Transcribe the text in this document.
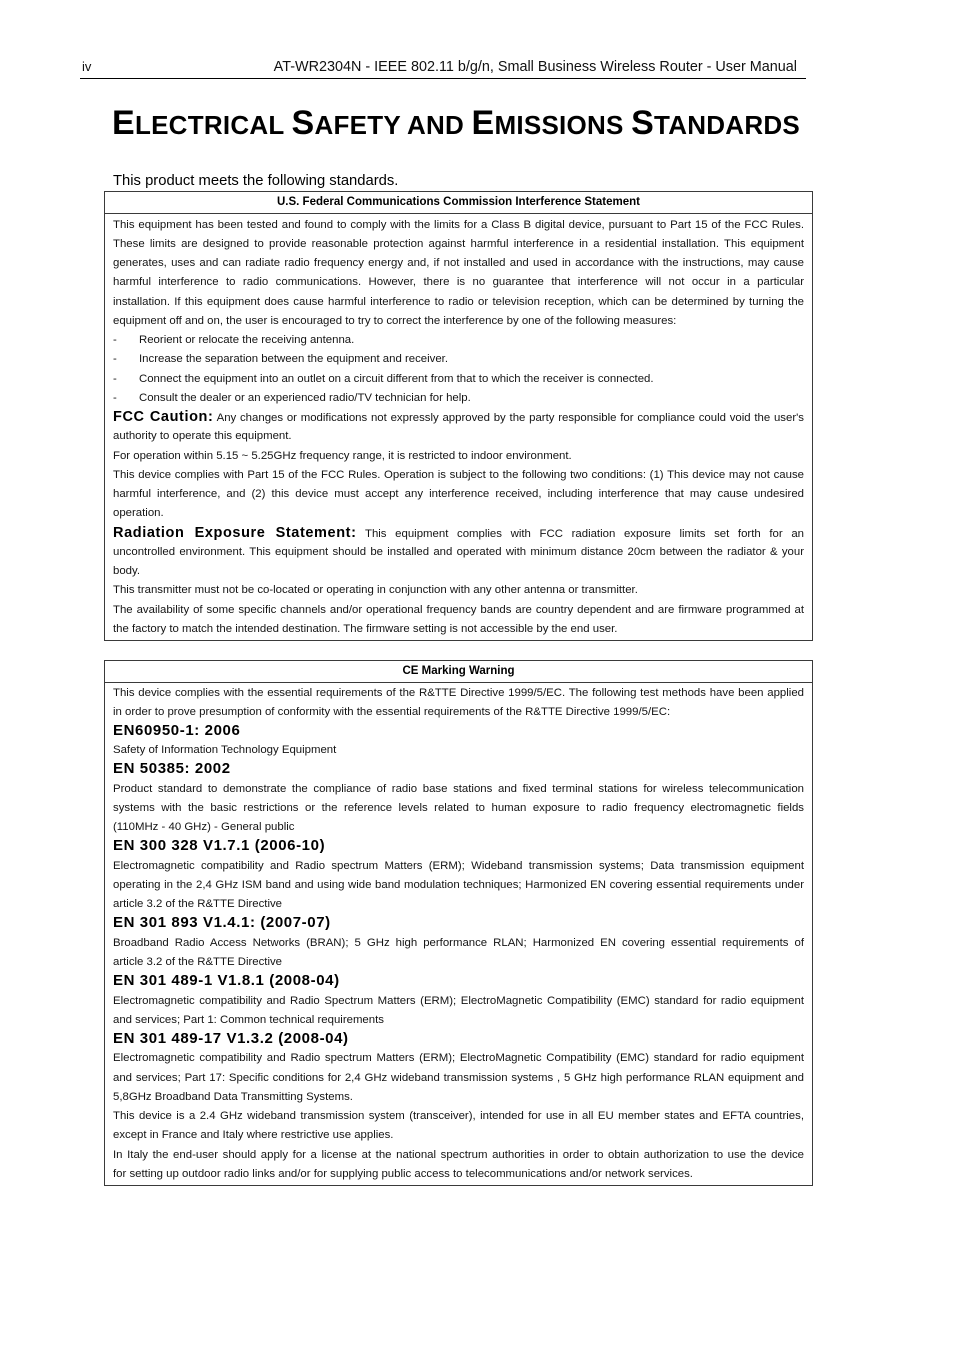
iv	AT-WR2304N - IEEE 802.11 b/g/n, Small Business Wireless Router - User Manual
ELECTRICAL SAFETY AND EMISSIONS STANDARDS

This product meets the following standards.

U.S. Federal Communications Commission Interference Statement
This equipment has been tested and found to comply with the limits for a Class B digital device, pursuant to Part 15 of the FCC Rules.
These limits are designed to provide reasonable protection against harmful interference in a residential installation. This equipment
generates, uses and can radiate radio frequency energy and, if not installed and used in accordance with the instructions, may cause
harmful interference to radio communications. However, there is no guarantee that interference will not occur in a particular
installation. If this equipment does cause harmful interference to radio or television reception, which can be determined by turning the
equipment off and on, the user is encouraged to try to correct the interference by one of the following measures:
- Reorient or relocate the receiving antenna.
- Increase the separation between the equipment and receiver.
- Connect the equipment into an outlet on a circuit different from that to which the receiver is connected.
- Consult the dealer or an experienced radio/TV technician for help.
FCC Caution: Any changes or modifications not expressly approved by the party responsible for compliance could void the user's
authority to operate this equipment.
For operation within 5.15 ~ 5.25GHz frequency range, it is restricted to indoor environment.
This device complies with Part 15 of the FCC Rules. Operation is subject to the following two conditions: (1) This device may not cause
harmful interference, and (2) this device must accept any interference received, including interference that may cause undesired
operation.
Radiation Exposure Statement: This equipment complies with FCC radiation exposure limits set forth for an
uncontrolled environment. This equipment should be installed and operated with minimum distance 20cm between the radiator & your
body.
This transmitter must not be co-located or operating in conjunction with any other antenna or transmitter.
The availability of some specific channels and/or operational frequency bands are country dependent and are firmware programmed at
the factory to match the intended destination. The firmware setting is not accessible by the end user.
CE Marking Warning
This device complies with the essential requirements of the R&TTE Directive 1999/5/EC. The following test methods have been applied
in order to prove presumption of conformity with the essential requirements of the R&TTE Directive 1999/5/EC:
EN60950-1: 2006
Safety of Information Technology Equipment
EN 50385: 2002
Product standard to demonstrate the compliance of radio base stations and fixed terminal stations for wireless telecommunication
systems with the basic restrictions or the reference levels related to human exposure to radio frequency electromagnetic fields
(110MHz - 40 GHz) - General public
EN 300 328 V1.7.1 (2006-10)
Electromagnetic compatibility and Radio spectrum Matters (ERM); Wideband transmission systems; Data transmission equipment
operating in the 2,4 GHz ISM band and using wide band modulation techniques; Harmonized EN covering essential requirements under
article 3.2 of the R&TTE Directive
EN 301 893 V1.4.1: (2007-07)
Broadband Radio Access Networks (BRAN); 5 GHz high performance RLAN; Harmonized EN covering essential requirements of
article 3.2 of the R&TTE Directive
EN 301 489-1 V1.8.1 (2008-04)
Electromagnetic compatibility and Radio Spectrum Matters (ERM); ElectroMagnetic Compatibility (EMC) standard for radio equipment
and services; Part 1: Common technical requirements
EN 301 489-17 V1.3.2 (2008-04)
Electromagnetic compatibility and Radio spectrum Matters (ERM); ElectroMagnetic Compatibility (EMC) standard for radio equipment
and services; Part 17: Specific conditions for 2,4 GHz wideband transmission systems , 5 GHz high performance RLAN equipment and
5,8GHz Broadband Data Transmitting Systems.
This device is a 2.4 GHz wideband transmission system (transceiver), intended for use in all EU member states and EFTA countries,
except in France and Italy where restrictive use applies.
In Italy the end-user should apply for a license at the national spectrum authorities in order to obtain authorization to use the device
for setting up outdoor radio links and/or for supplying public access to telecommunications and/or network services.
